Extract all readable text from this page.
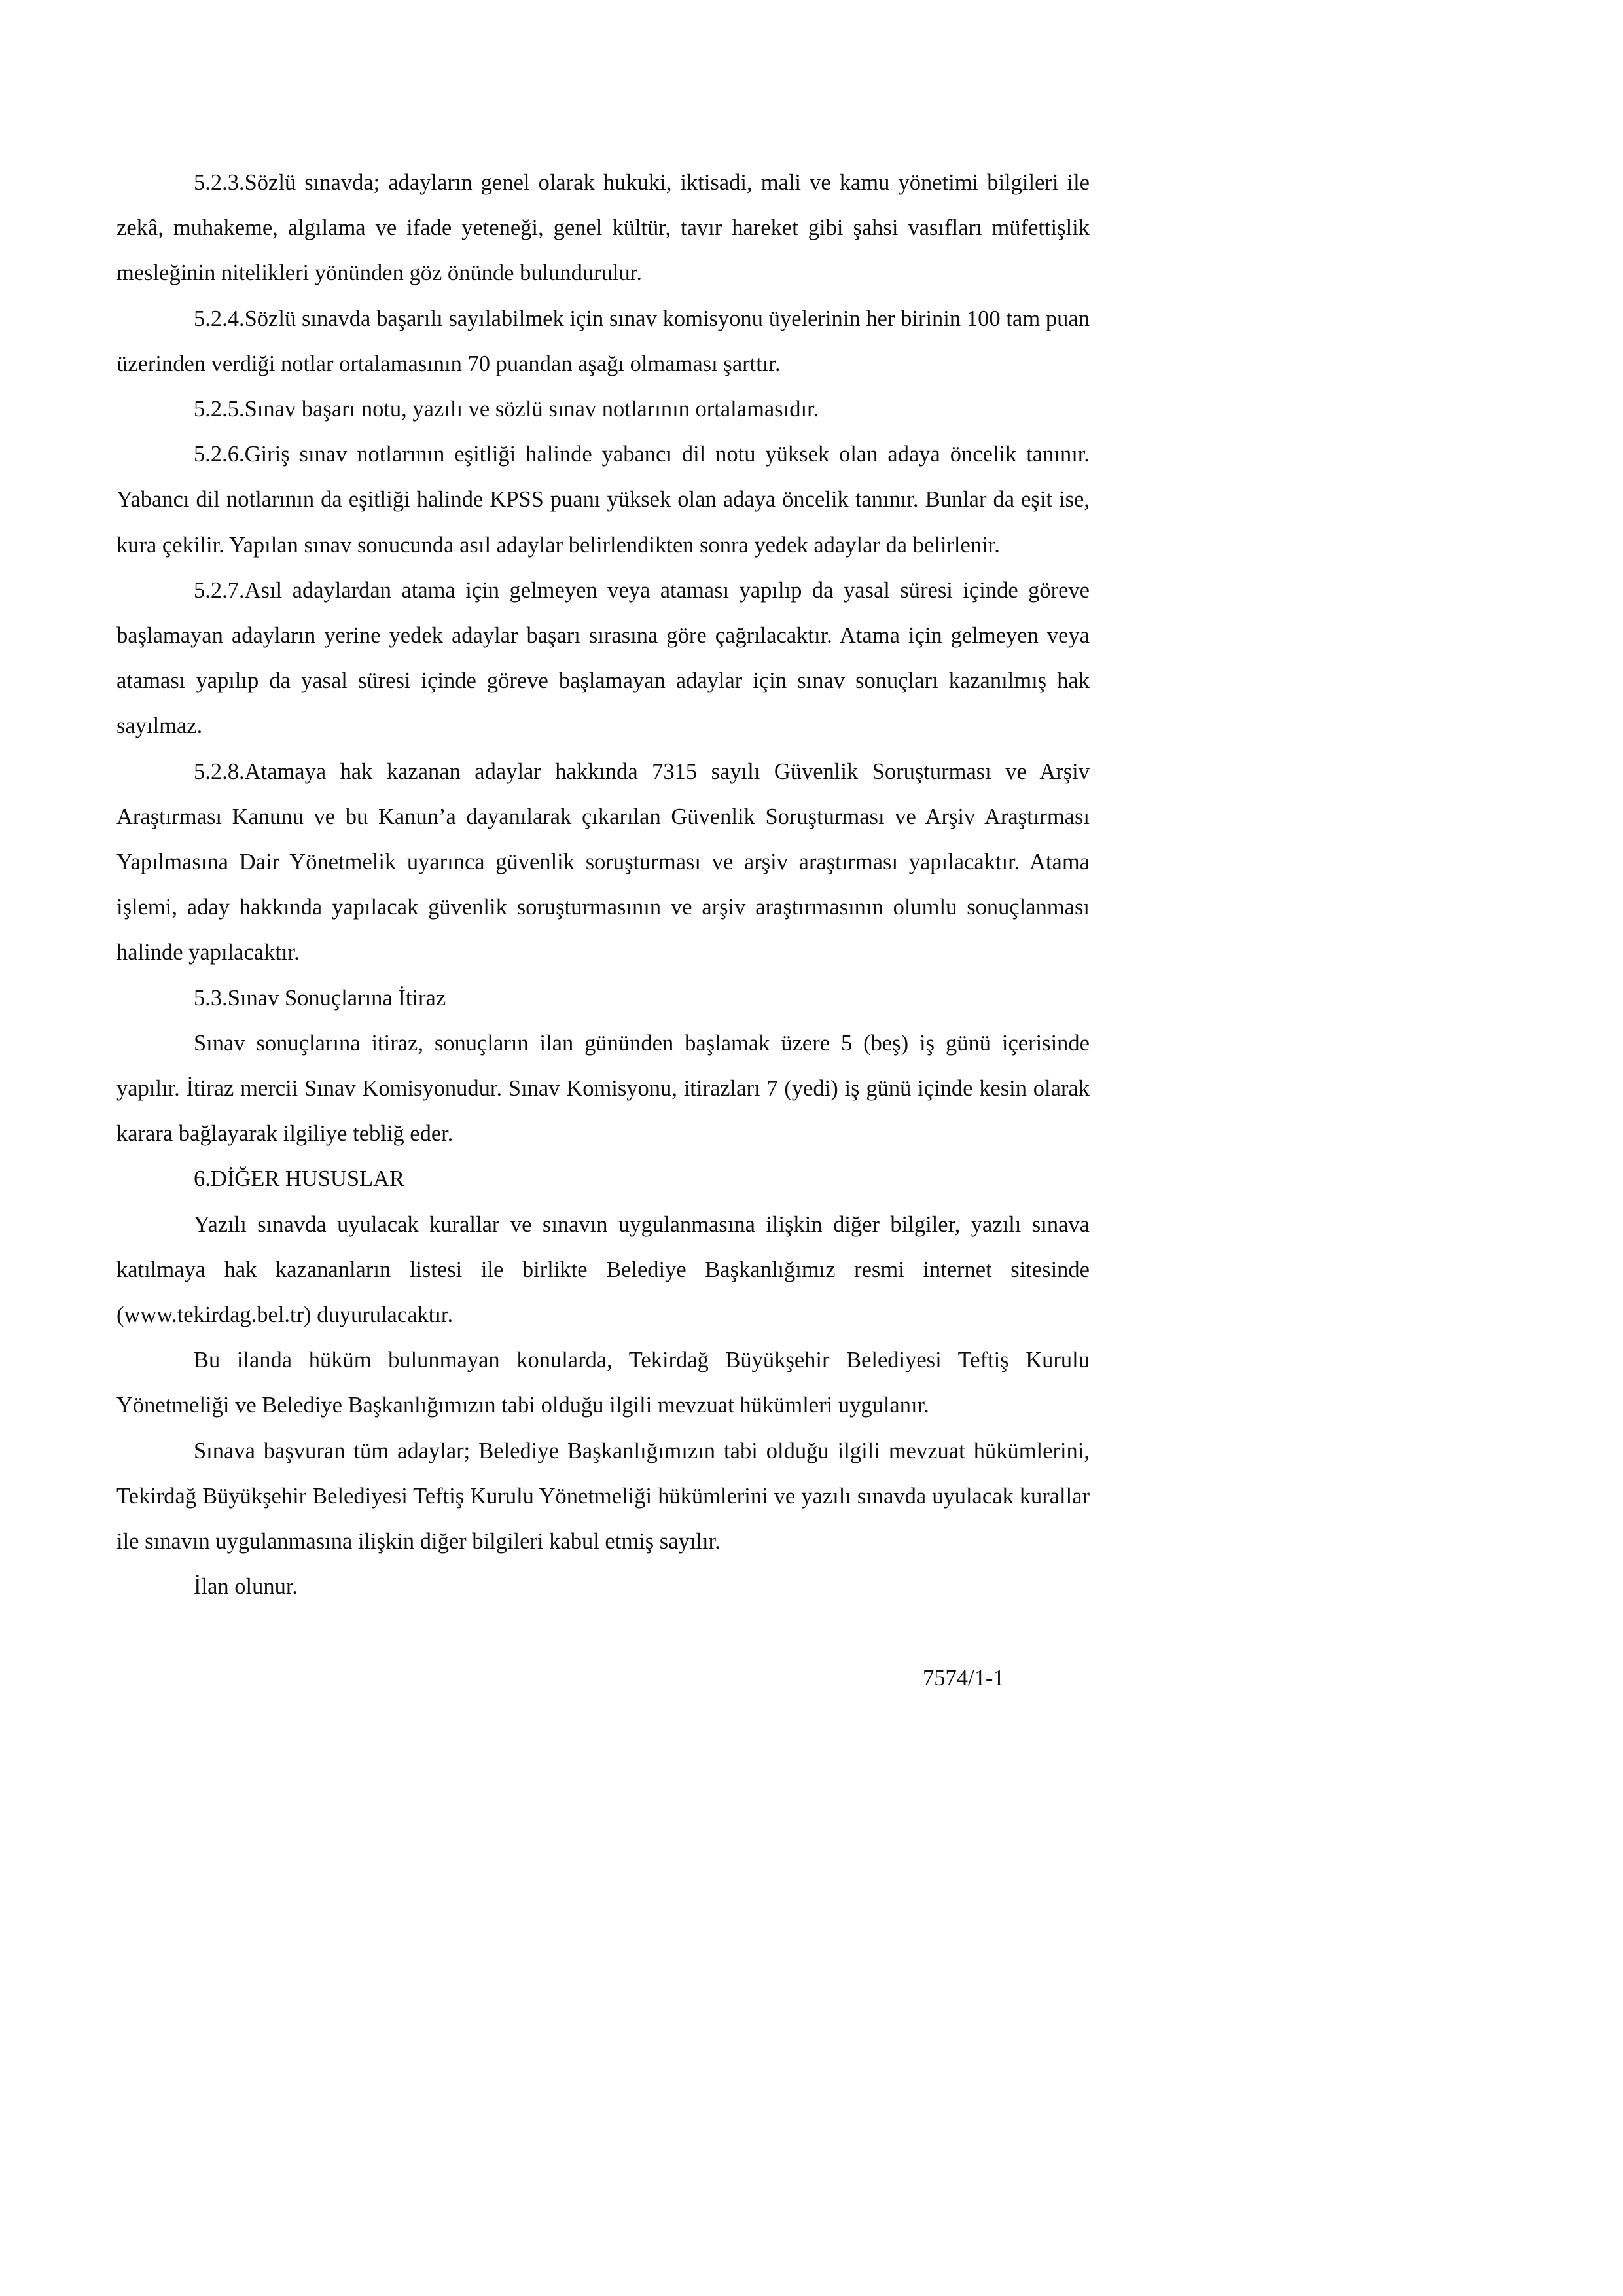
5.2.3.Sözlü sınavda; adayların genel olarak hukuki, iktisadi, mali ve kamu yönetimi bilgileri ile zekâ, muhakeme, algılama ve ifade yeteneği, genel kültür, tavır hareket gibi şahsi vasıfları müfettişlik mesleğinin nitelikleri yönünden göz önünde bulundurulur.

5.2.4.Sözlü sınavda başarılı sayılabilmek için sınav komisyonu üyelerinin her birinin 100 tam puan üzerinden verdiği notlar ortalamasının 70 puandan aşağı olmaması şarttır.

5.2.5.Sınav başarı notu, yazılı ve sözlü sınav notlarının ortalamasıdır.

5.2.6.Giriş sınav notlarının eşitliği halinde yabancı dil notu yüksek olan adaya öncelik tanınır. Yabancı dil notlarının da eşitliği halinde KPSS puanı yüksek olan adaya öncelik tanınır. Bunlar da eşit ise, kura çekilir. Yapılan sınav sonucunda asıl adaylar belirlendikten sonra yedek adaylar da belirlenir.

5.2.7.Asıl adaylardan atama için gelmeyen veya ataması yapılıp da yasal süresi içinde göreve başlamayan adayların yerine yedek adaylar başarı sırasına göre çağrılacaktır. Atama için gelmeyen veya ataması yapılıp da yasal süresi içinde göreve başlamayan adaylar için sınav sonuçları kazanılmış hak sayılmaz.

5.2.8.Atamaya hak kazanan adaylar hakkında 7315 sayılı Güvenlik Soruşturması ve Arşiv Araştırması Kanunu ve bu Kanun’a dayanılarak çıkarılan Güvenlik Soruşturması ve Arşiv Araştırması Yapılmasına Dair Yönetmelik uyarınca güvenlik soruşturması ve arşiv araştırması yapılacaktır. Atama işlemi, aday hakkında yapılacak güvenlik soruşturmasının ve arşiv araştırmasının olumlu sonuçlanması halinde yapılacaktır.

5.3.Sınav Sonuçlarına İtiraz

Sınav sonuçlarına itiraz, sonuçların ilan gününden başlamak üzere 5 (beş) iş günü içerisinde yapılır. İtiraz mercii Sınav Komisyonudur. Sınav Komisyonu, itirazları 7 (yedi) iş günü içinde kesin olarak karara bağlayarak ilgiliye tebliğ eder.

6.DİĞER HUSUSLAR

Yazılı sınavda uyulacak kurallar ve sınavın uygulanmasına ilişkin diğer bilgiler, yazılı sınava katılmaya hak kazananların listesi ile birlikte Belediye Başkanlığımız resmi internet sitesinde (www.tekirdag.bel.tr) duyurulacaktır.

Bu ilanda hüküm bulunmayan konularda, Tekirdağ Büyükşehir Belediyesi Teftiş Kurulu Yönetmeliği ve Belediye Başkanlığımızın tabi olduğu ilgili mevzuat hükümleri uygulanır.

Sınava başvuran tüm adaylar; Belediye Başkanlığımızın tabi olduğu ilgili mevzuat hükümlerini, Tekirdağ Büyükşehir Belediyesi Teftiş Kurulu Yönetmeliği hükümlerini ve yazılı sınavda uyulacak kurallar ile sınavın uygulanmasına ilişkin diğer bilgileri kabul etmiş sayılır.

İlan olunur.

7574/1-1
